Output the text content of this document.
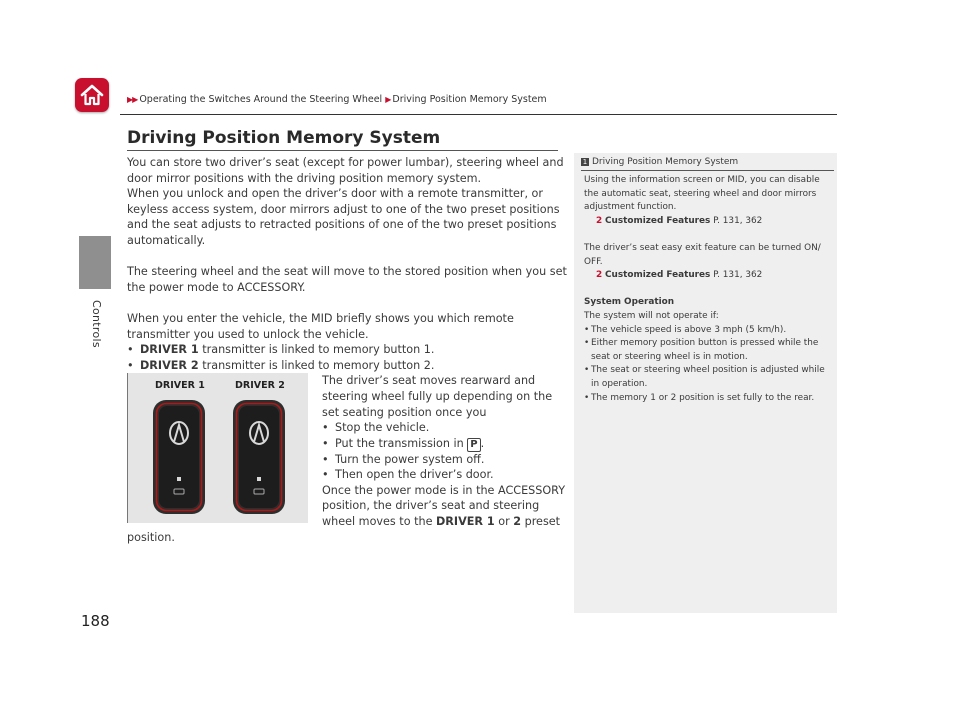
▶▶ Operating the Switches Around the Steering Wheel ▶ Driving Position Memory System
Controls
188
Driving Position Memory System

You can store two driver’s seat (except for power lumbar), steering wheel and door mirror positions with the driving position memory system.

When you unlock and open the driver’s door with a remote transmitter, or keyless access system, door mirrors adjust to one of the two preset positions and the seat adjusts to retracted positions of one of the two preset positions automatically.

The steering wheel and the seat will move to the stored position when you set the power mode to ACCESSORY.

When you enter the vehicle, the MID briefly shows you which remote transmitter you used to unlock the vehicle.

• DRIVER 1 transmitter is linked to memory button 1.
• DRIVER 2 transmitter is linked to memory button 2.
DRIVER 1	DRIVER 2	The driver’s seat moves rearward and steering wheel fully up depending on the set seating position once you

• Stop the vehicle.
• Put the transmission in P .
• Turn the power system off.
• Then open the driver’s door.

Once the power mode is in the ACCESSORY position, the driver’s seat and steering wheel moves to the DRIVER 1 or 2 preset position.

1 Driving Position Memory System

Using the information screen or MID, you can disable the automatic seat, steering wheel and door mirrors adjustment function.

2 Customized Features P. 131, 362

The driver’s seat easy exit feature can be turned ON/ OFF.

2 Customized Features P. 131, 362

System Operation

The system will not operate if:

• The vehicle speed is above 3 mph (5 km/h).
• Either memory position button is pressed while the seat or steering wheel is in motion.
• The seat or steering wheel position is adjusted while in operation.
• The memory 1 or 2 position is set fully to the rear.
